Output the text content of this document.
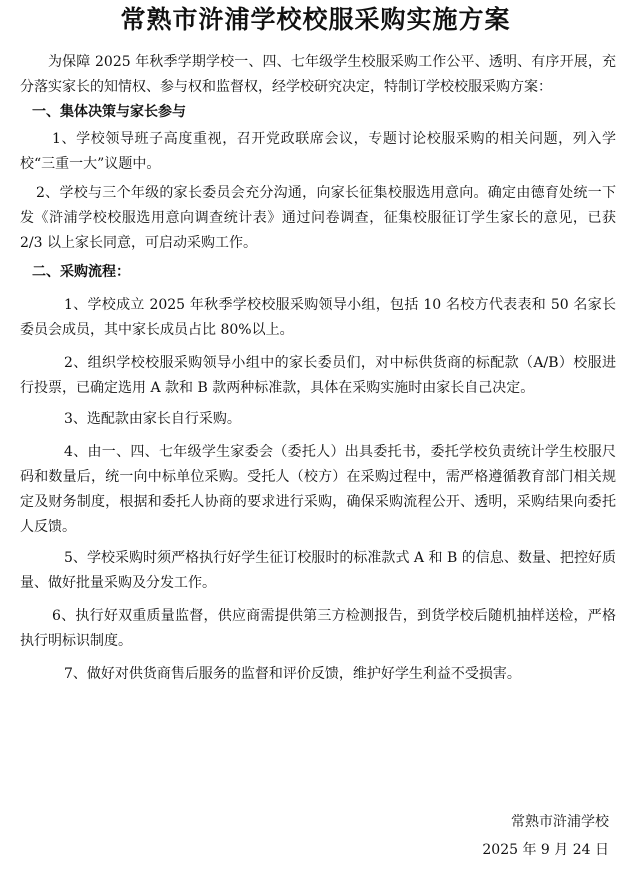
常熟市浒浦学校校服采购实施方案

为保障 2025 年秋季学期学校一、四、七年级学生校服采购工作公平、透明、有序开展，充分落实家长的知情权、参与权和监督权，经学校研究决定，特制订学校校服采购方案：

一、集体决策与家长参与

1、学校领导班子高度重视，召开党政联席会议，专题讨论校服采购的相关问题，列入学校“三重一大”议题中。

2、学校与三个年级的家长委员会充分沟通，向家长征集校服选用意向。确定由德育处统一下发《浒浦学校校服选用意向调查统计表》通过问卷调查，征集校服征订学生家长的意见，已获 2/3 以上家长同意，可启动采购工作。

二、采购流程：

1、学校成立 2025 年秋季学校校服采购领导小组，包括 10 名校方代表表和 50 名家长委员会成员，其中家长成员占比 80%以上。

2、组织学校校服采购领导小组中的家长委员们，对中标供货商的标配款（A/B）校服进行投票，已确定选用 A 款和 B 款两种标准款，具体在采购实施时由家长自己决定。

3、选配款由家长自行采购。

4、由一、四、七年级学生家委会（委托人）出具委托书，委托学校负责统计学生校服尺码和数量后，统一向中标单位采购。受托人（校方）在采购过程中，需严格遵循教育部门相关规定及财务制度，根据和委托人协商的要求进行采购，确保采购流程公开、透明，采购结果向委托人反馈。

5、学校采购时须严格执行好学生征订校服时的标准款式 A 和 B 的信息、数量、把控好质量、做好批量采购及分发工作。

6、执行好双重质量监督，供应商需提供第三方检测报告，到货学校后随机抽样送检，严格执行明标识制度。

7、做好对供货商售后服务的监督和评价反馈，维护好学生利益不受损害。

常熟市浒浦学校
2025 年 9 月 24 日
